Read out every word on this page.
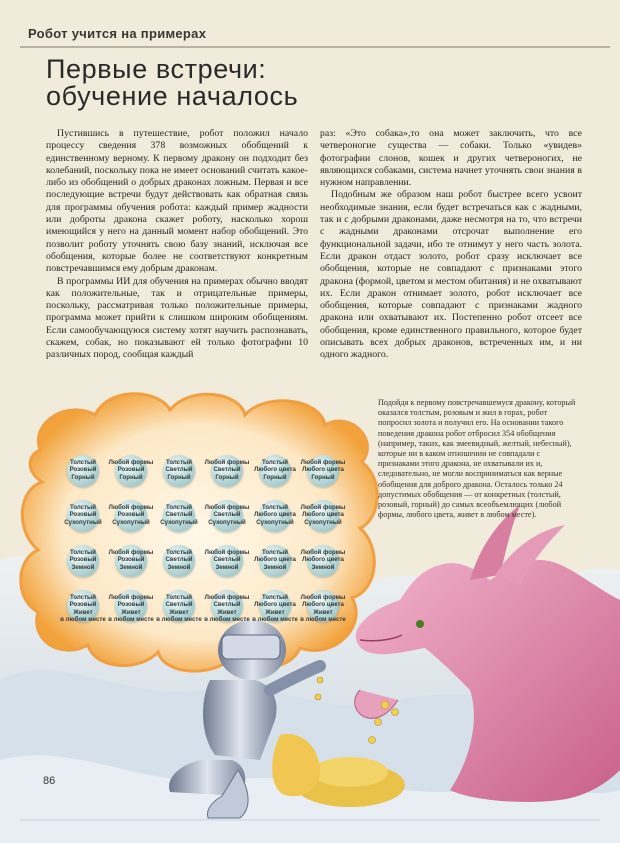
Робот учится на примерах
Первые встречи:
обучение началось

Пустившись в путешествие, робот положил начало процессу сведения 378 возможных обобщений к единственному верному. К первому дракону он подходит без колебаний, поскольку пока не имеет оснований считать какое-либо из обобщений о добрых драконах ложным. Первая и все последующие встречи будут действовать как обратная связь для программы обучения робота: каждый пример жадности или доброты дракона скажет роботу, насколько хорош имеющийся у него на данный момент набор обобщений. Это позволит роботу уточнять свою базу знаний, исключая все обобщения, которые более не соответствуют конкретным повстречавшимся ему добрым драконам.

В программы ИИ для обучения на примерах обычно вводят как положительные, так и отрицательные примеры, поскольку, рассматривая только положительные примеры, программа может прийти к слишком широким обобщениям. Если самообучающуюся систему хотят научить распознавать, скажем, собак, но показывают ей только фотографии 10 различных пород, сообщая каждый

раз: «Это собака»,то она может заключить, что все четвероногие существа — собаки. Только «увидев» фотографии слонов, кошек и других четвероногих, не являющихся собаками, система начнет уточнять свои знания в нужном направлении.

Подобным же образом наш робот быстрее всего усвоит необходимые знания, если будет встречаться как с жадными, так и с добрыми драконами, даже несмотря на то, что встречи с жадными драконами отсрочат выполнение его функциональной задачи, ибо те отнимут у него часть золота. Если дракон отдаст золото, робот сразу исключает все обобщения, которые не совпадают с признаками этого дракона (формой, цветом и местом обитания) и не охватывают их. Если дракон отнимает золото, робот исключает все обобщения, которые совпадают с признаками жадного дракона или охватывают их. Постепенно робот отсеет все обобщения, кроме единственного правильного, которое будет описывать всех добрых драконов, встреченных им, и ни одного жадного.

Подойдя к первому повстречавшемуся дракону, который оказался толстым, розовым и жил в горах, робот попросил золота и получил его. На основании такого поведения дракона робот отбросил 354 обобщения (например, таких, как змеевидный, желтый, небесный), которые ни в каком отношении не совпадали с признаками этого дракона, не охватывали их и, следовательно, не могли восприниматься как верные обобщения для доброго дракона. Осталось только 24 допустимых обобщения — от конкретных (толстый, розовый, горный) до самых всеобъемлющих (любой формы, любого цвета, живет в любом месте).
Толстый
Розовый
Горный
Любой формы
Розовый
Горный
Толстый
Светлый
Горный
Любой формы
Светлый
Горный
Толстый
Любого цвета
Горный
Любой формы
Любого цвета
Горный
Толстый
Розовый
Сухопутный
Любой формы
Розовый
Сухопутный
Толстый
Светлый
Сухопутный
Любой формы
Светлый
Сухопутный
Толстый
Любого цвета
Сухопутный
Любой формы
Любого цвета
Сухопутный
Толстый
Розовый
Земной
Любой формы
Розовый
Земной
Толстый
Светлый
Земной
Любой формы
Светлый
Земной
Толстый
Любого цвета
Земной
Любой формы
Любого цвета
Земной
Толстый
Розовый
Живет
в любом месте
Любой формы
Розовый
Живет
в любом месте
Толстый
Светлый
Живет
в любом месте
Любой формы
Светлый
Живет
в любом месте
Толстый
Любого цвета
Живет
в любом месте
Любой формы
Любого цвета
Живет
в любом месте
86
